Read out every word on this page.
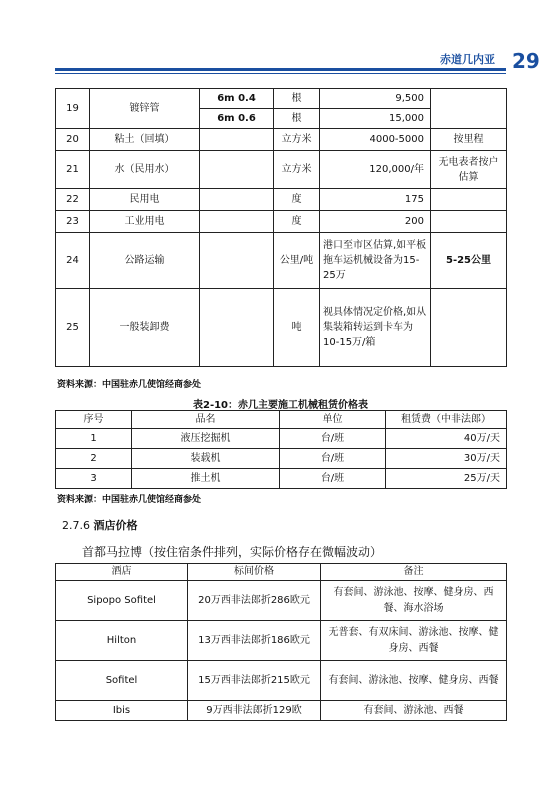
赤道几内亚 29
19	镀锌管	6m 0.4	根	9,500	
		6m 0.6	根	15,000	
20	粘土（回填）		立方米	4000-5000	按里程
21	水（民用水）		立方米	120,000/年	无电表者按户估算
22	民用电		度	175	
23	工业用电		度	200	
24	公路运输		公里/吨	港口至市区估算,如平板拖车运机械设备为15-25万	5-25公里
25	一般装卸费		吨	视具体情况定价格,如从集装箱转运到卡车为10-15万/箱	
资料来源：中国驻赤几使馆经商参处
表2-10：赤几主要施工机械租赁价格表
序号	品名	单位	租赁费（中非法郎）
1	液压挖掘机	台/班	40万/天
2	装载机	台/班	30万/天
3	推土机	台/班	25万/天
资料来源：中国驻赤几使馆经商参处
2.7.6 酒店价格
首都马拉博（按住宿条件排列，实际价格存在微幅波动）
酒店	标间价格	备注
Sipopo Sofitel	20万西非法郎折286欧元	有套间、游泳池、按摩、健身房、西餐、海水浴场
Hilton	13万西非法郎折186欧元	无普套、有双床间、游泳池、按摩、健身房、西餐
Sofitel	15万西非法郎折215欧元	有套间、游泳池、按摩、健身房、西餐
Ibis	9万西非法郎折129欧	有套间、游泳池、西餐
